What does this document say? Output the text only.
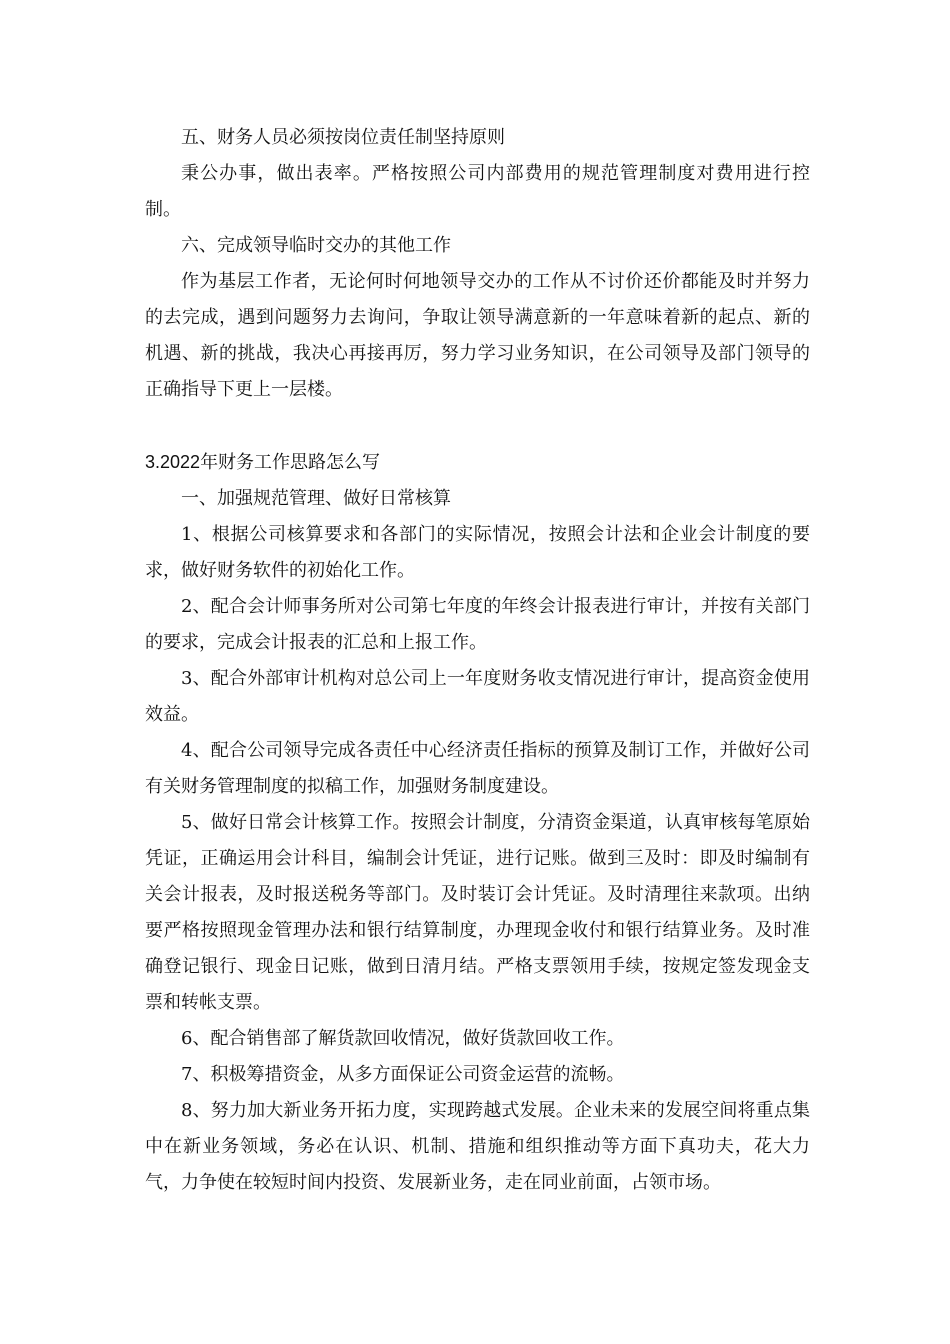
五、财务人员必须按岗位责任制坚持原则

秉公办事，做出表率。严格按照公司内部费用的规范管理制度对费用进行控制。

六、完成领导临时交办的其他工作

作为基层工作者，无论何时何地领导交办的工作从不讨价还价都能及时并努力的去完成，遇到问题努力去询问，争取让领导满意新的一年意味着新的起点、新的机遇、新的挑战，我决心再接再厉，努力学习业务知识，在公司领导及部门领导的正确指导下更上一层楼。

3.2022年财务工作思路怎么写

一、加强规范管理、做好日常核算

1、根据公司核算要求和各部门的实际情况，按照会计法和企业会计制度的要求，做好财务软件的初始化工作。

2、配合会计师事务所对公司第七年度的年终会计报表进行审计，并按有关部门的要求，完成会计报表的汇总和上报工作。

3、配合外部审计机构对总公司上一年度财务收支情况进行审计，提高资金使用效益。

4、配合公司领导完成各责任中心经济责任指标的预算及制订工作，并做好公司有关财务管理制度的拟稿工作，加强财务制度建设。

5、做好日常会计核算工作。按照会计制度，分清资金渠道，认真审核每笔原始凭证，正确运用会计科目，编制会计凭证，进行记账。做到三及时：即及时编制有关会计报表，及时报送税务等部门。及时装订会计凭证。及时清理往来款项。出纳要严格按照现金管理办法和银行结算制度，办理现金收付和银行结算业务。及时准确登记银行、现金日记账，做到日清月结。严格支票领用手续，按规定签发现金支票和转帐支票。

6、配合销售部了解货款回收情况，做好货款回收工作。

7、积极筹措资金，从多方面保证公司资金运营的流畅。

8、努力加大新业务开拓力度，实现跨越式发展。企业未来的发展空间将重点集中在新业务领域，务必在认识、机制、措施和组织推动等方面下真功夫，花大力气，力争使在较短时间内投资、发展新业务，走在同业前面，占领市场。
